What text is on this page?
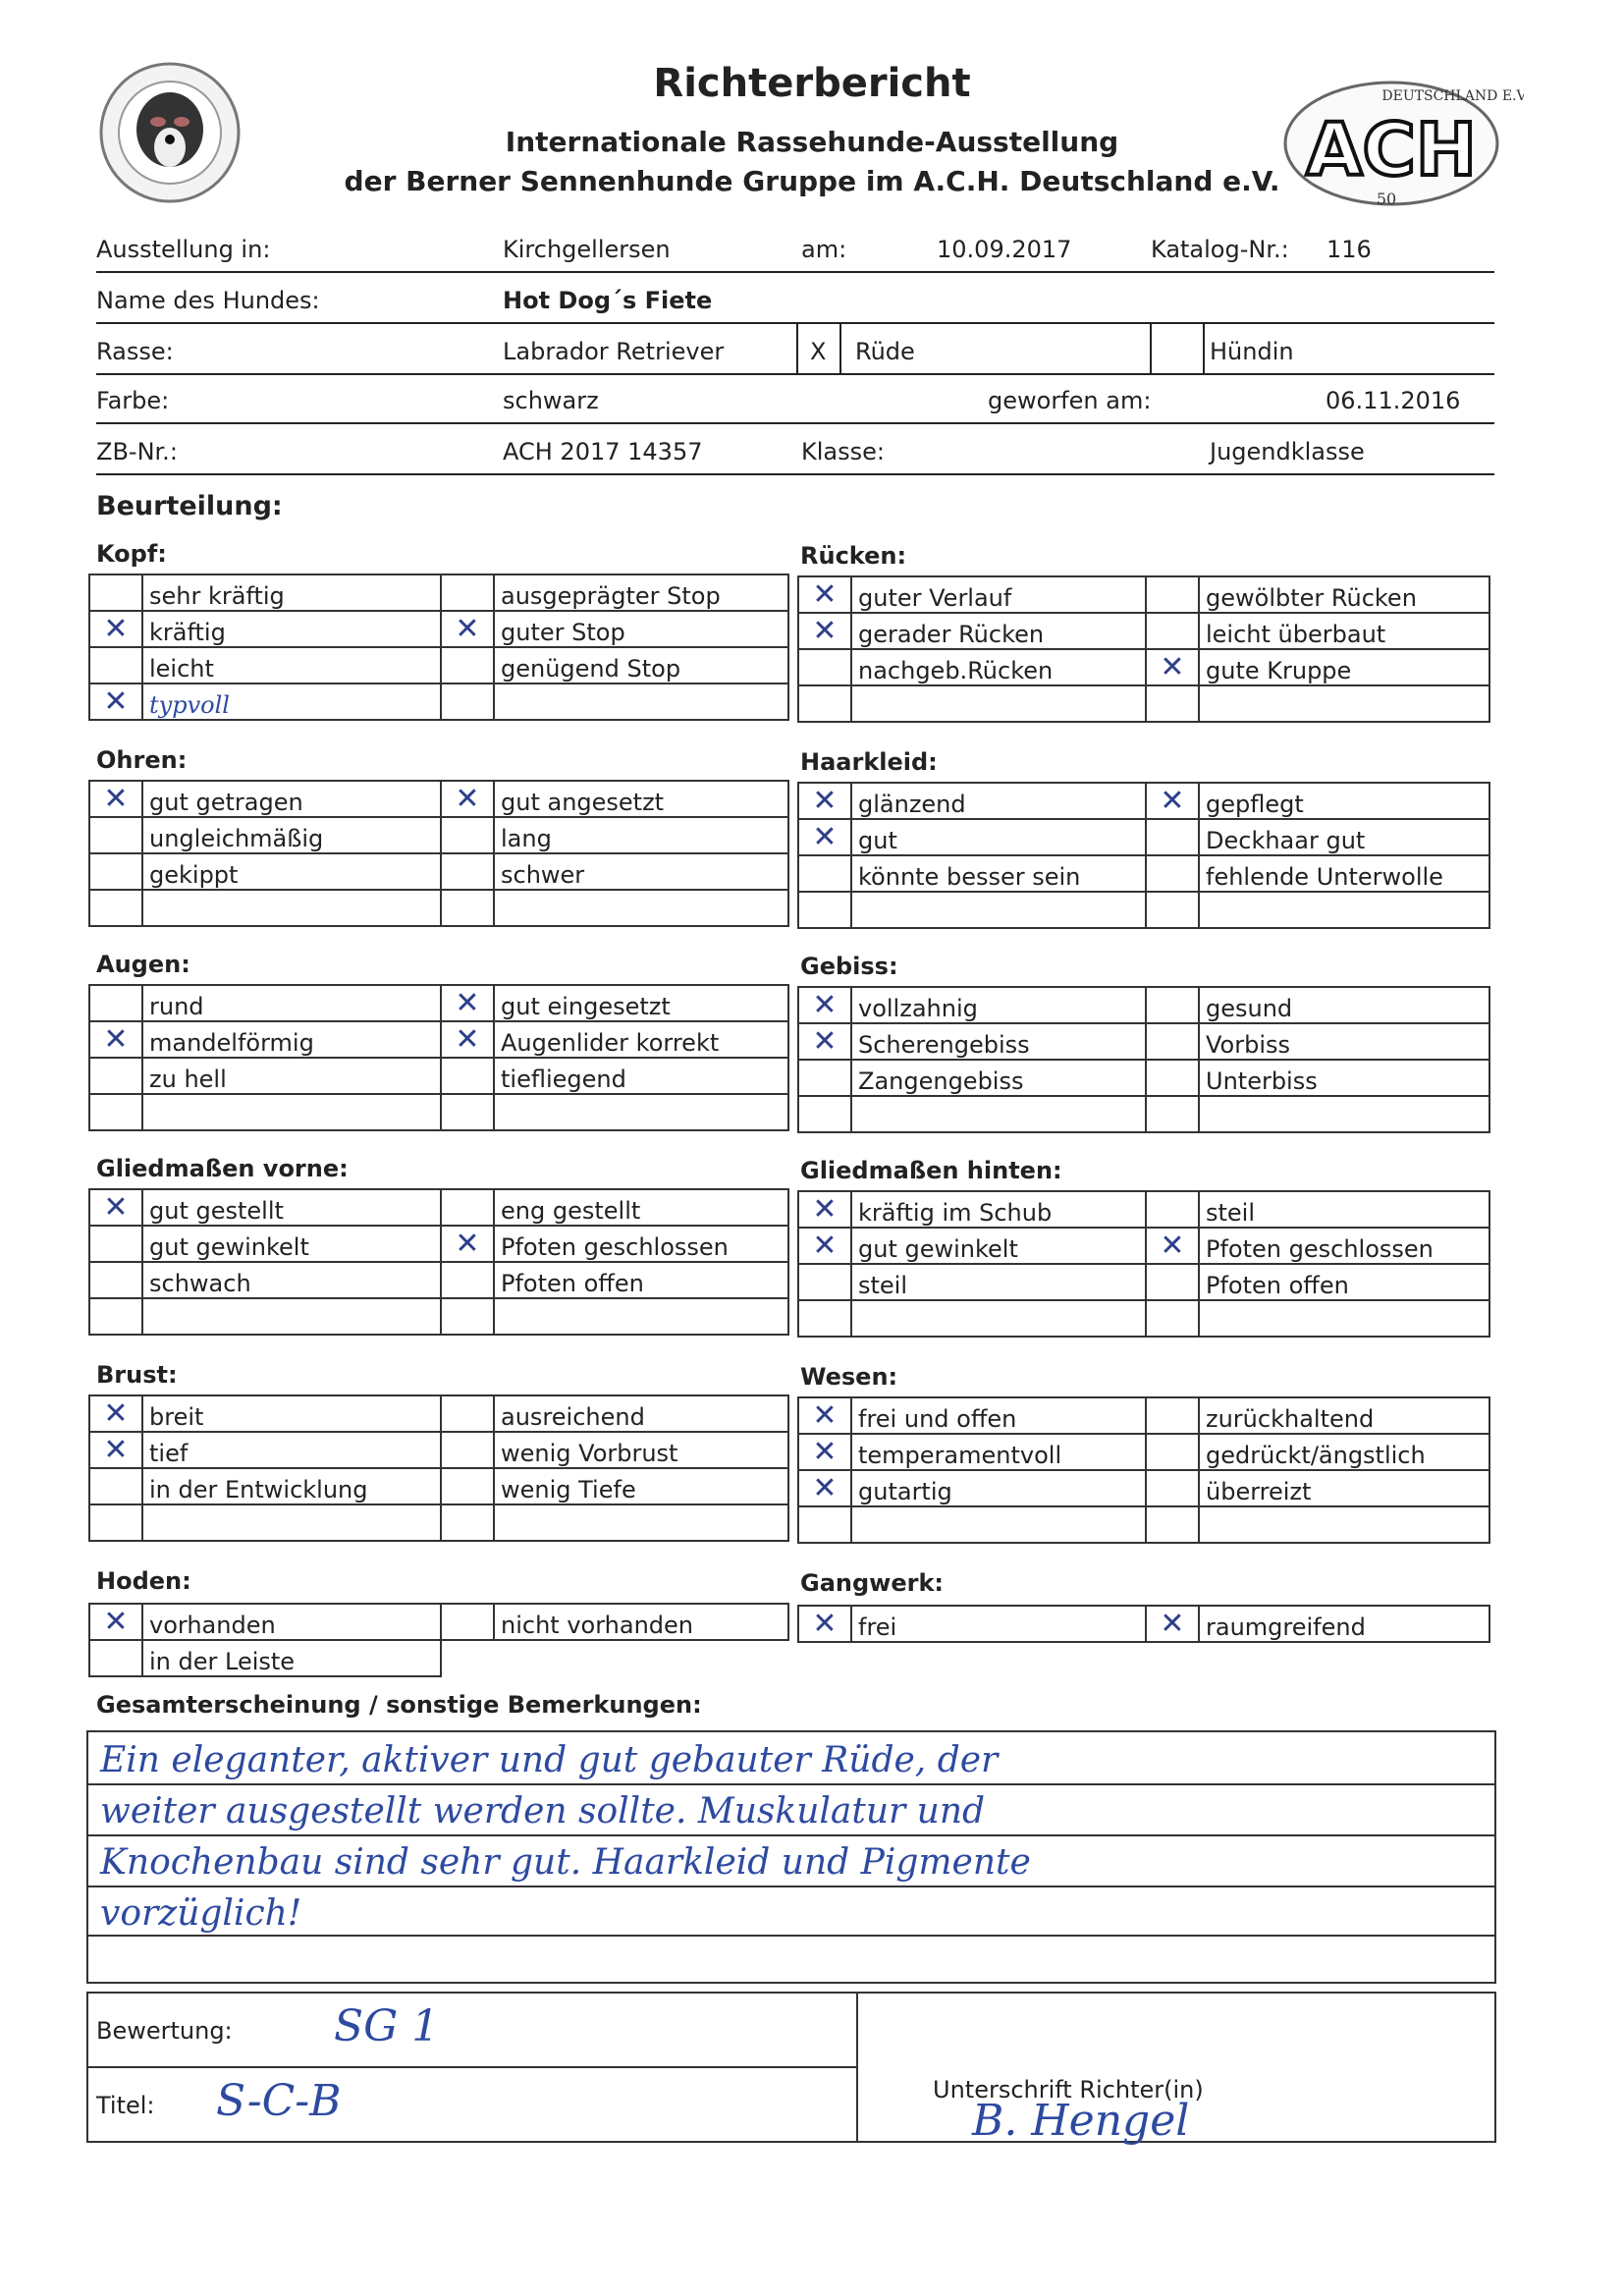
ACH
DEUTSCHLAND E.V.
50
Richterbericht
Internationale Rassehunde-Ausstellung
der Berner Sennenhunde Gruppe im A.C.H. Deutschland e.V.
Ausstellung in:	Kirchgellersen	am:	10.09.2017	Katalog-Nr.: 116
Name des Hundes:	Hot Dog´s Fiete
Rasse:	Labrador Retriever	X Rüde	Hündin
Farbe:	schwarz	geworfen am:	06.11.2016
ZB-Nr.:	ACH 2017 14357	Klasse:	Jugendklasse
Beurteilung:
Kopf:
	sehr kräftig		ausgeprägter Stop

✕	kräftig	✕	guter Stop

	leicht		genügend Stop

✕	typvoll	

Rücken:
✕	guter Verlauf		gewölbter Rücken

✕	gerader Rücken		leicht überbaut

	nachgeb.Rücken	✕	gute Kruppe

Ohren:
✕	gut getragen	✕	gut angesetzt

	ungleichmäßig		lang

	gekippt		schwer

Haarkleid:
✕	glänzend	✕	gepflegt

✕	gut		Deckhaar gut

	könnte besser sein		fehlende Unterwolle

Augen:
	rund	✕	gut eingesetzt

✕	mandelförmig	✕	Augenlider korrekt

	zu hell		tiefliegend

Gebiss:
✕	vollzahnig		gesund

✕	Scherengebiss		Vorbiss

	Zangengebiss		Unterbiss

Gliedmaßen vorne:
✕	gut gestellt		eng gestellt

	gut gewinkelt	✕	Pfoten geschlossen

	schwach		Pfoten offen

Gliedmaßen hinten:
✕	kräftig im Schub		steil

✕	gut gewinkelt	✕	Pfoten geschlossen

	steil		Pfoten offen

Brust:
✕	breit		ausreichend

✕	tief		wenig Vorbrust

	in der Entwicklung		wenig Tiefe

Wesen:
✕	frei und offen		zurückhaltend

✕	temperamentvoll		gedrückt/ängstlich

✕	gutartig		überreizt

Hoden:
✕	vorhanden		nicht vorhanden

	in der Leiste		
Gangwerk:
✕	frei	✕	raumgreifend
Gesamterscheinung / sonstige Bemerkungen:
Ein eleganter, aktiver und gut gebauter Rüde, der
weiter ausgestellt werden sollte. Muskulatur und
Knochenbau sind sehr gut. Haarkleid und Pigmente
vorzüglich!
Bewertung: SG 1
Titel: S-C-B	Unterschrift Richter(in)
B. Hengel
